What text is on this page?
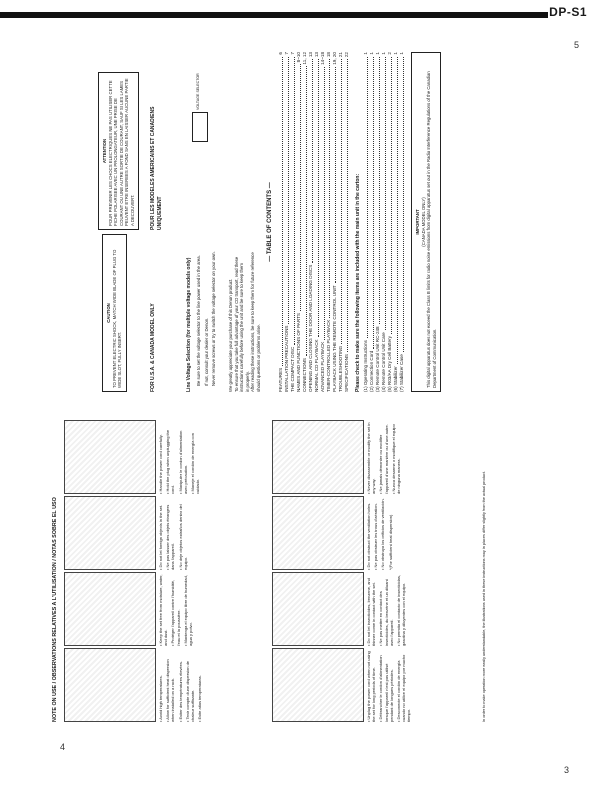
DP-S1
5
3
4
We greatly appreciate your purchase of this Denon product. To ensure that you take full advantage of your CD transport, read these instructions carefully before using the unit and be sure to keep them in properly. After reading these instructions, be sure to keep them for future reference should questions or problems arise.
— TABLE OF CONTENTS —
FEATURES
6
INSTALLATION PRECAUTIONS
7
THE COMPACT DISC
7
NAMES AND FUNCTIONS OF PARTS
8~10
CONNECTIONS
11, 12
OPENING AND CLOSING THE DOOR AND LOADING DISCS
13
NORMAL CD PLAYBACK
13
ADVANCED PLAYBACK
14~18
TIMER-CONTROLLED PLAYBACK
18
PLAYBACK USING THE REMOTE CONTROL UNIT
19, 20
TROUBLESHOOTING
21
SPECIFICATIONS
22
Please check to make sure the following items are included with the main unit in the carton: (1) Operating Instructions
1
(2) Connection Cord
1
(3) Remote Control Unit RC-248
1
(4) Remote Control Unit Care
1
(5) R03/AA Dry Cell Battery
2
(6) Stabilizer
1
(7) Stabilizer Case
1
IMPORTANT (CANADA MODEL ONLY) This digital apparatus does not exceed the Class B limits for radio noise emissions from digital apparatus set out in the Radio Interference Regulations of the Canadian Department of Communication.
Line Voltage Selection (for multiple voltage models only) Be sure to set the voltage selector to the line power used in the area. If not, consult your dealer or Denon. Never remove screws or try to switch the voltage selector on your own.
VOLTAGE SELECTOR
FOR U.S.A. & CANADA MODEL ONLY
CAUTION TO PREVENT ELECTRIC SHOCK, MATCH WIDE BLADE OF PLUG TO WIDE SLOT, FULLY INSERT.
POUR LES MODELES AMERICAINS ET CANADIENS UNIQUEMENT
ATTENTION POUR PREVENIR LES CHOCS ELECTRIQUES NE PAS UTILISER CETTE FICHE POLARISEE AVEC UN PROLONGATEUR, UNE PRISE DE COURANT OU UNE AUTRE SORTIE DE COURANT, SAUF SI LES LAMES PEUVENT ETRE INSEREES A FOND SANS EN LAISSER AUCUNE PARTIE A DECOUVERT.
NOTE ON USE / OBSERVATIONS RELATIVES A L'UTILISATION / NOTAS SOBRE EL USO	• Avoid high temperatures. • Allow for sufficient heat dispersion when installed on a rack. • Eviter des températures élevées. • Tenir compte d'une dispersion de chaleur suffisante. • Evite altas temperaturas.
• Keep the set free from moisture, water, and dust. • Protéger l'appareil contre l'humidité, l'eau et la poussière. • Mantenga el equipo libre de humedad, agua y polvo.
• Do not let foreign objects in the set. • Ne pas laisser des objets étrangers dans l'appareil. • No deje objetos extraños dentro del equipo.
• Handle the power cord carefully. • Hold the plug when unplugging the cord. • Manipuler le cordon d'alimentation avec précaution. • Maneje el cordón de energía con cuidado.
• Unplug the power cord when not using the set for long periods of time. • Débrancher le cordon d'alimentation lorsque l'appareil n'est pas utilisé pendant de longues périodes. • Desconecte el cordón de energía cuando no utilice el equipo por mucho tiempo.
• Do not let insecticides, benzene, and thinner come in contact with the set. • Ne pas mettre en contact des insecticides, du benzène et un diluant avec l'appareil. • No permita el contacto de insecticidas, gasolina y diluyentes con el equipo.
• Do not obstruct the ventilation holes. • Ne pas obstruer les trous d'aération. • No obstruya los orificios de ventilación. *(For sufficient heat dispersion)
• Never disassemble or modify the set in any way. • Ne jamais démonter ou modifier l'appareil d'une manière ou d'une autre. • Nunca desarme o modifique el equipo de ninguna manera.	In order to make operation more easily understandable, the illustrations used in these instructions may in places differ slightly from the actual product.
